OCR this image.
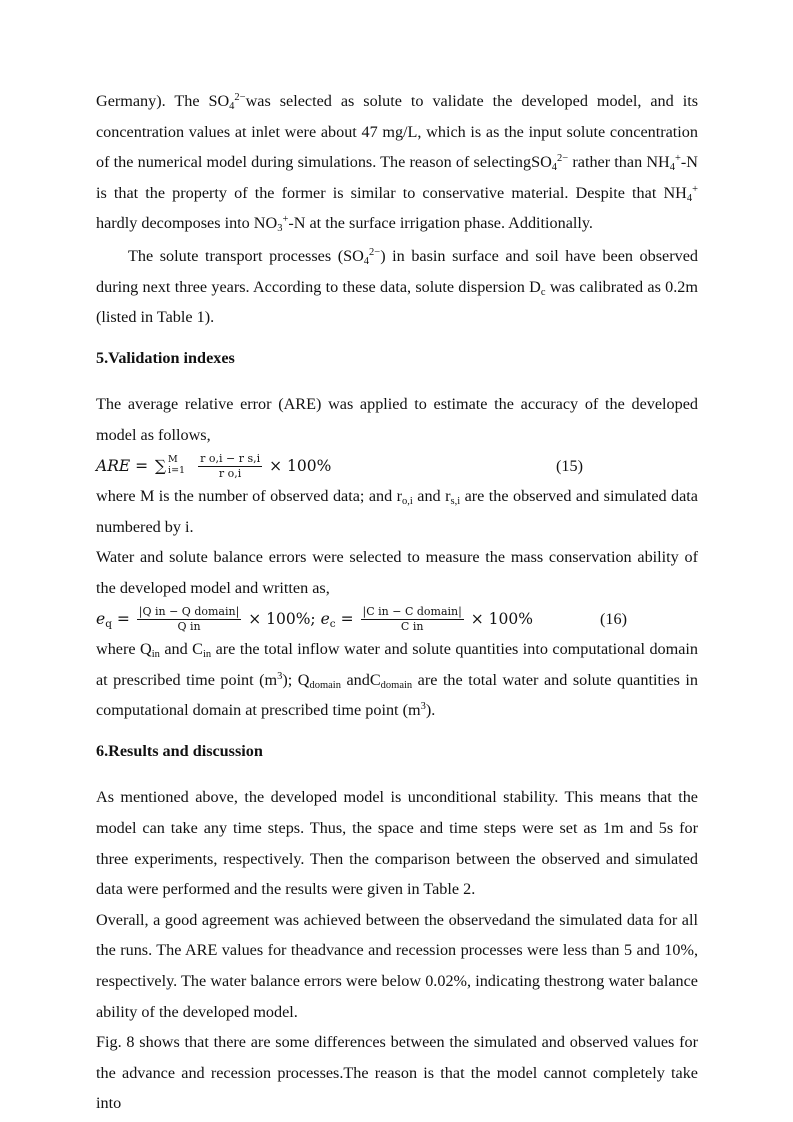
Germany). The $SO_4^{2-}was$ selected as solute to validate the developed model, and its concentration values at inlet were about 47 mg/L, which is as the input solute concentration of the numerical model during simulations. The reason of selectingSO$_4^{2-}$ rather than $NH_4^+-N$ is that the property of the former is similar to conservative material. Despite that $NH_4^+$ hardly decomposes into $NO_3^+-N$ at the surface irrigation phase. Additionally.

The solute transport processes $(SO_4^{2-})$ in basin surface and soil have been observed during next three years. According to these data, solute dispersion $D_c$ was calibrated as 0.2m (listed in Table 1).

5.Validation indexes

The average relative error (ARE) was applied to estimate the accuracy of the developed model as follows,

ARE = ∑ M
$i=1 \frac{\text{r o,i − r s,i}}{\text{r o,i}} \times 100\%$	(15)

where M is the number of observed data; and $r_{o,i}$ and $r_{s,i}$ are the observed and simulated data numbered by i.

Water and solute balance errors were selected to measure the mass conservation ability of the developed model and written as,

$e_q = \frac{\text{|Q in − Q domain|}}{\text{Q in}} \times 100\%$; $e_c = \frac{\text{|C in − C domain|}}{\text{C in}} \times 100\%$	(16)

where $Q_{in}$ and $C_{in}$ are the total inflow water and solute quantities into computational domain at prescribed time point $(m^3)$; $Q_{domain}$ andC$_{domain}$ are the total water and solute quantities in computational domain at prescribed time point $(m^3)$.

6.Results and discussion

As mentioned above, the developed model is unconditional stability. This means that the model can take any time steps. Thus, the space and time steps were set as 1m and 5s for three experiments, respectively. Then the comparison between the observed and simulated data were performed and the results were given in Table 2.

Overall, a good agreement was achieved between the observedand the simulated data for all the runs. The ARE values for theadvance and recession processes were less than 5 and 10%, respectively. The water balance errors were below 0.02%, indicating thestrong water balance ability of the developed model.

Fig. 8 shows that there are some differences between the simulated and observed values for the advance and recession processes.The reason is that the model cannot completely take into
